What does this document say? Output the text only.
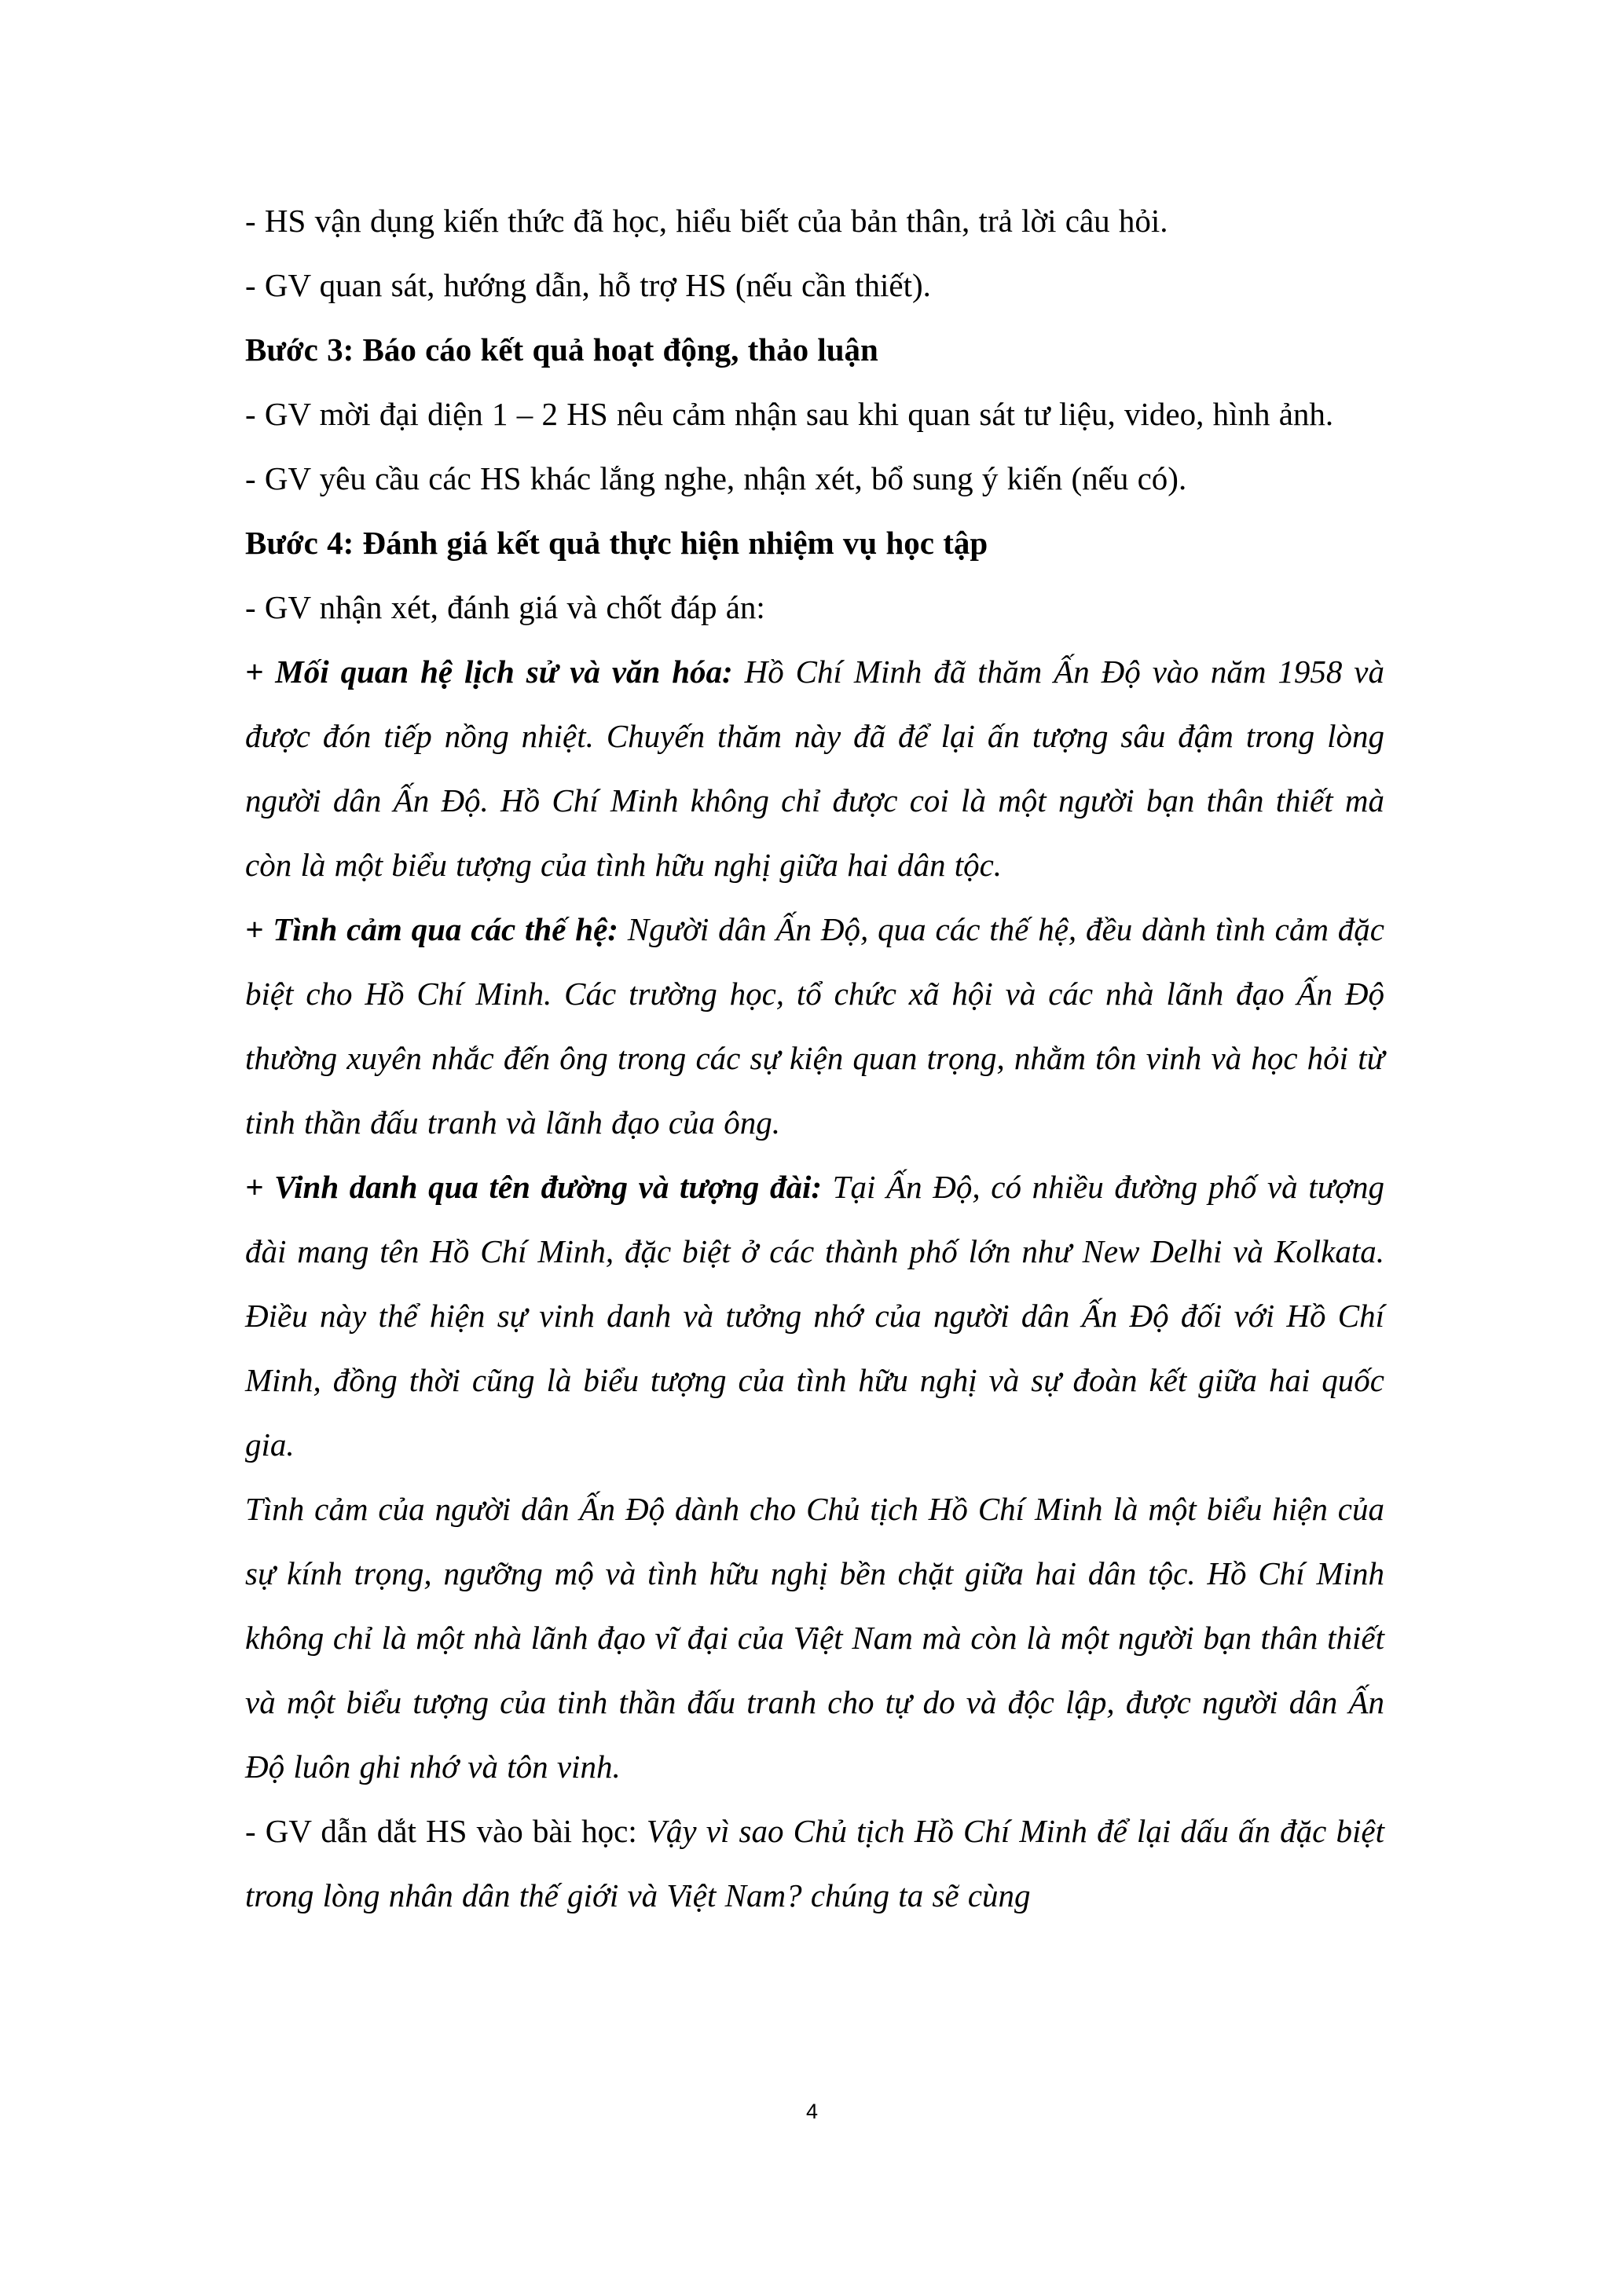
- HS vận dụng kiến thức đã học, hiểu biết của bản thân, trả lời câu hỏi.

- GV quan sát, hướng dẫn, hỗ trợ HS (nếu cần thiết).

Bước 3: Báo cáo kết quả hoạt động, thảo luận

- GV mời đại diện 1 – 2 HS nêu cảm nhận sau khi quan sát tư liệu, video, hình ảnh.

- GV yêu cầu các HS khác lắng nghe, nhận xét, bổ sung ý kiến (nếu có).

Bước 4: Đánh giá kết quả thực hiện nhiệm vụ học tập

- GV nhận xét, đánh giá và chốt đáp án:

+ Mối quan hệ lịch sử và văn hóa: Hồ Chí Minh đã thăm Ấn Độ vào năm 1958 và được đón tiếp nồng nhiệt. Chuyến thăm này đã để lại ấn tượng sâu đậm trong lòng người dân Ấn Độ. Hồ Chí Minh không chỉ được coi là một người bạn thân thiết mà còn là một biểu tượng của tình hữu nghị giữa hai dân tộc.

+ Tình cảm qua các thế hệ: Người dân Ấn Độ, qua các thế hệ, đều dành tình cảm đặc biệt cho Hồ Chí Minh. Các trường học, tổ chức xã hội và các nhà lãnh đạo Ấn Độ thường xuyên nhắc đến ông trong các sự kiện quan trọng, nhằm tôn vinh và học hỏi từ tinh thần đấu tranh và lãnh đạo của ông.

+ Vinh danh qua tên đường và tượng đài: Tại Ấn Độ, có nhiều đường phố và tượng đài mang tên Hồ Chí Minh, đặc biệt ở các thành phố lớn như New Delhi và Kolkata. Điều này thể hiện sự vinh danh và tưởng nhớ của người dân Ấn Độ đối với Hồ Chí Minh, đồng thời cũng là biểu tượng của tình hữu nghị và sự đoàn kết giữa hai quốc gia.

Tình cảm của người dân Ấn Độ dành cho Chủ tịch Hồ Chí Minh là một biểu hiện của sự kính trọng, ngưỡng mộ và tình hữu nghị bền chặt giữa hai dân tộc. Hồ Chí Minh không chỉ là một nhà lãnh đạo vĩ đại của Việt Nam mà còn là một người bạn thân thiết và một biểu tượng của tinh thần đấu tranh cho tự do và độc lập, được người dân Ấn Độ luôn ghi nhớ và tôn vinh.

- GV dẫn dắt HS vào bài học: Vậy vì sao Chủ tịch Hồ Chí Minh để lại dấu ấn đặc biệt trong lòng nhân dân thế giới và Việt Nam? chúng ta sẽ cùng

4
